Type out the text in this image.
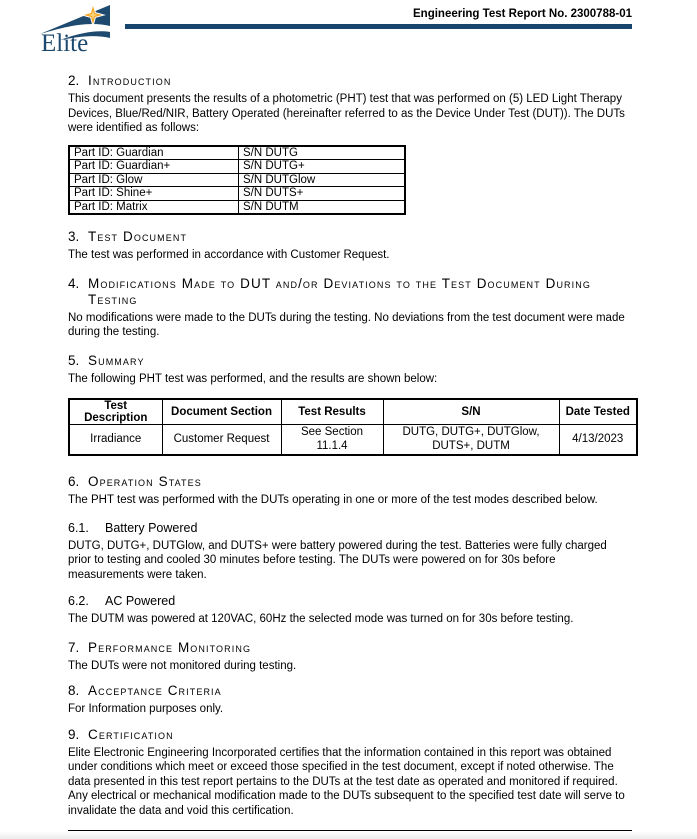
Elite
Engineering Test Report No. 2300788-01
2. Introduction

This document presents the results of a photometric (PHT) test that was performed on (5) LED Light Therapy Devices, Blue/Red/NIR, Battery Operated (hereinafter referred to as the Device Under Test (DUT)). The DUTs were identified as follows:

Part ID: Guardian	S/N DUTG
Part ID: Guardian+	S/N DUTG+
Part ID: Glow	S/N DUTGlow
Part ID: Shine+	S/N DUTS+
Part ID: Matrix	S/N DUTM
3. Test Document

The test was performed in accordance with Customer Request.

4. Modifications Made to DUT and/or Deviations to the Test Document During Testing

No modifications were made to the DUTs during the testing. No deviations from the test document were made during the testing.

5. Summary

The following PHT test was performed, and the results are shown below:

Test Description	Document Section	Test Results	S/N	Date Tested
Irradiance	Customer Request	See Section 11.1.4	DUTG, DUTG+, DUTGlow, DUTS+, DUTM	4/13/2023
6. Operation States

The PHT test was performed with the DUTs operating in one or more of the test modes described below.

6.1.	Battery Powered

DUTG, DUTG+, DUTGlow, and DUTS+ were battery powered during the test. Batteries were fully charged prior to testing and cooled 30 minutes before testing. The DUTs were powered on for 30s before measurements were taken.

6.2.	AC Powered

The DUTM was powered at 120VAC, 60Hz the selected mode was turned on for 30s before testing.

7. Performance Monitoring

The DUTs were not monitored during testing.

8. Acceptance Criteria

For Information purposes only.

9. Certification

Elite Electronic Engineering Incorporated certifies that the information contained in this report was obtained under conditions which meet or exceed those specified in the test document, except if noted otherwise. The data presented in this test report pertains to the DUTs at the test date as operated and monitored if required. Any electrical or mechanical modification made to the DUTs subsequent to the specified test date will serve to invalidate the data and void this certification.
